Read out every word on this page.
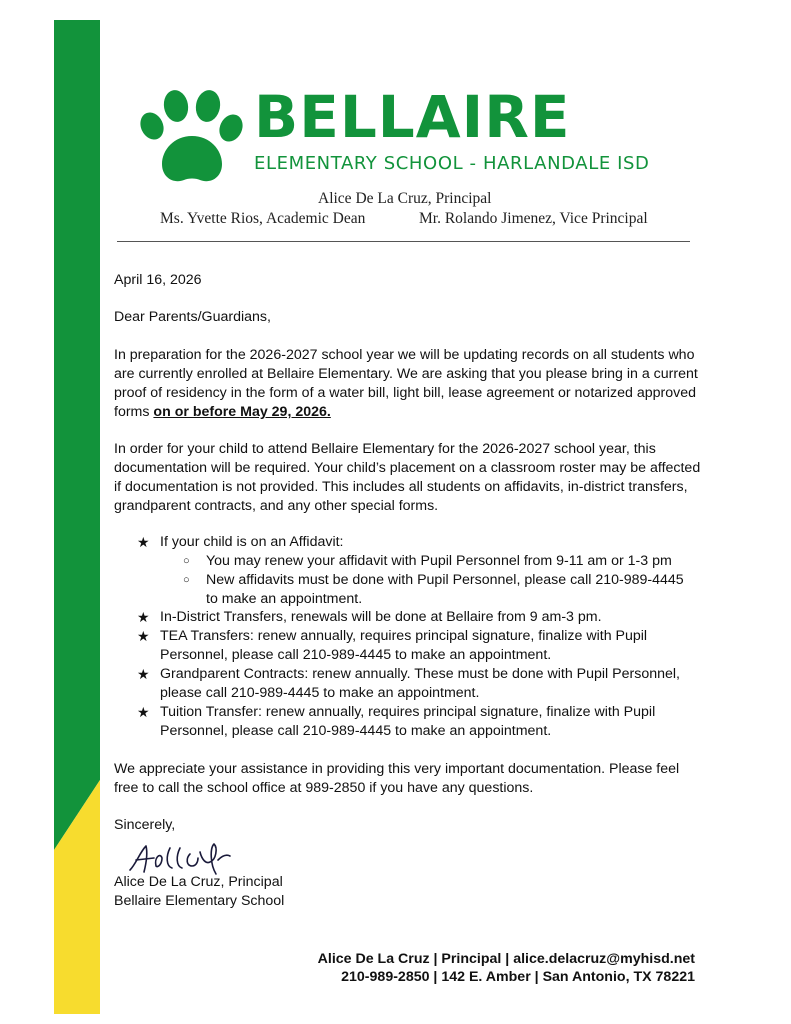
BELLAIRE
ELEMENTARY SCHOOL - HARLANDALE ISD
Alice De La Cruz, Principal
Ms. Yvette Rios, Academic Dean	Mr. Rolando Jimenez, Vice Principal
April 16, 2026
Dear Parents/Guardians,
In preparation for the 2026-2027 school year we will be updating records on all students who are currently enrolled at Bellaire Elementary. We are asking that you please bring in a current proof of residency in the form of a water bill, light bill, lease agreement or notarized approved forms on or before May 29, 2026.
In order for your child to attend Bellaire Elementary for the 2026-2027 school year, this documentation will be required. Your child’s placement on a classroom roster may be affected if documentation is not provided. This includes all students on affidavits, in-district transfers, grandparent contracts, and any other special forms.
★ If your child is on an Affidavit:
○ You may renew your affidavit with Pupil Personnel from 9-11 am or 1-3 pm
○ New affidavits must be done with Pupil Personnel, please call 210-989-4445 to make an appointment.
★ In-District Transfers, renewals will be done at Bellaire from 9 am-3 pm.
★ TEA Transfers: renew annually, requires principal signature, finalize with Pupil Personnel, please call 210-989-4445 to make an appointment.
★ Grandparent Contracts: renew annually. These must be done with Pupil Personnel, please call 210-989-4445 to make an appointment.
★ Tuition Transfer: renew annually, requires principal signature, finalize with Pupil Personnel, please call 210-989-4445 to make an appointment.
We appreciate your assistance in providing this very important documentation. Please feel free to call the school office at 989-2850 if you have any questions.
Sincerely,
Alice De La Cruz, Principal
Bellaire Elementary School
Alice De La Cruz | Principal | alice.delacruz@myhisd.net
210-989-2850 | 142 E. Amber | San Antonio, TX 78221
